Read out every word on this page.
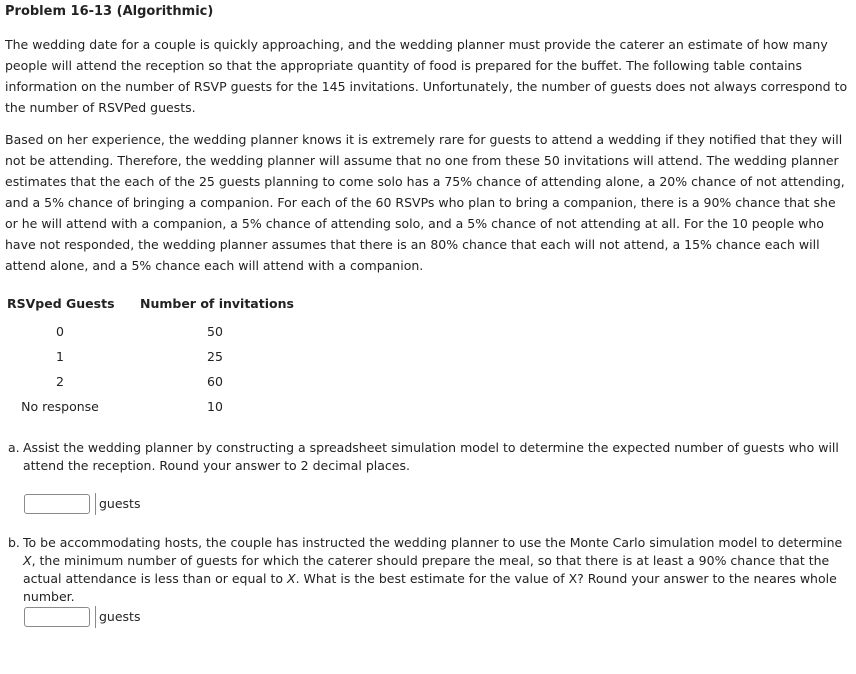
Problem 16-13 (Algorithmic)
The wedding date for a couple is quickly approaching, and the wedding planner must provide the caterer an estimate of how many people will attend the reception so that the appropriate quantity of food is prepared for the buffet. The following table contains information on the number of RSVP guests for the 145 invitations. Unfortunately, the number of guests does not always correspond to the number of RSVPed guests.
Based on her experience, the wedding planner knows it is extremely rare for guests to attend a wedding if they notified that they will not be attending. Therefore, the wedding planner will assume that no one from these 50 invitations will attend. The wedding planner estimates that the each of the 25 guests planning to come solo has a 75% chance of attending alone, a 20% chance of not attending, and a 5% chance of bringing a companion. For each of the 60 RSVPs who plan to bring a companion, there is a 90% chance that she or he will attend with a companion, a 5% chance of attending solo, and a 5% chance of not attending at all. For the 10 people who have not responded, the wedding planner assumes that there is an 80% chance that each will not attend, a 15% chance each will attend alone, and a 5% chance each will attend with a companion.
RSVped Guests	Number of invitations
0	50
1	25
2	60
No response	10
a. Assist the wedding planner by constructing a spreadsheet simulation model to determine the expected number of guests who will attend the reception. Round your answer to 2 decimal places.
guests
b. To be accommodating hosts, the couple has instructed the wedding planner to use the Monte Carlo simulation model to determine X, the minimum number of guests for which the caterer should prepare the meal, so that there is at least a 90% chance that the actual attendance is less than or equal to X. What is the best estimate for the value of X? Round your answer to the neares whole number.
guests
